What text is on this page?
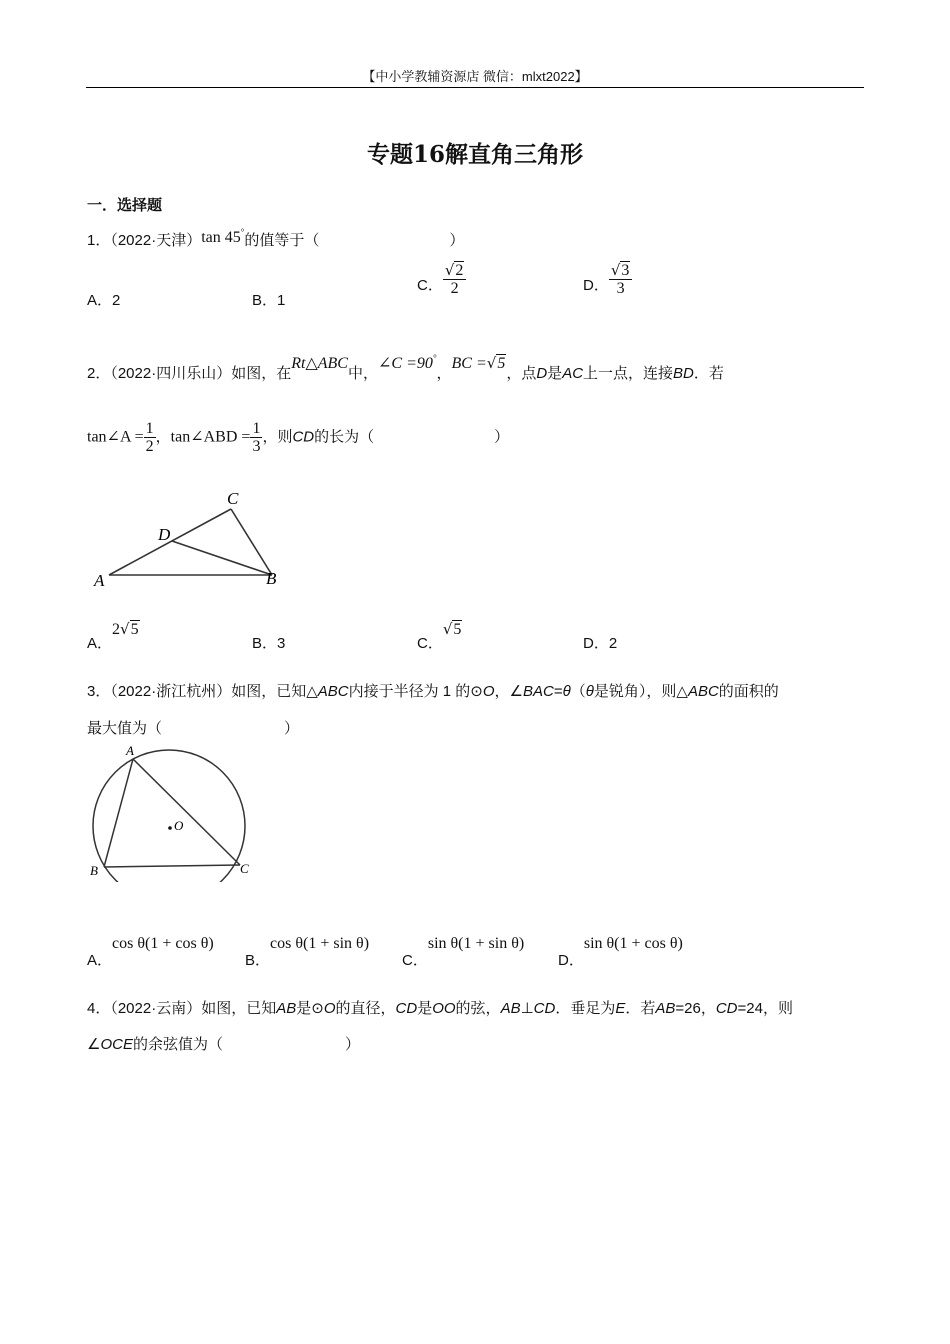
【中小学教辅资源店 微信：mlxt2022】
专题16解直角三角形
一．选择题
1．（2022·天津）tan 45°的值等于（	）
A．2	B．1
C． $\frac{√2}{2}$	D． $\frac{√3}{3}$
2．（2022·四川乐山）如图，在Rt△ABC中，∠C =90°，BC =√5，点D是AC上一点，连接BD．若
tan∠A = $\frac{1}{2}$ ，tan∠ABD = $\frac{1}{3}$ ，则CD的长为（	）
C
D
A	B
A．2√5
B．3	C．√5
D．2
3．（2022·浙江杭州）如图，已知△ABC内接于半径为 1 的⊙O，∠BAC=θ（θ是锐角），则△ABC的面积的
最大值为（	）
A
B	C
O
A．cos θ(1 + cos θ)
B．cos θ(1 + sin θ)
C．sin θ(1 + sin θ)
D．sin θ(1 + cos θ)
4．（2022·云南）如图，已知AB是⊙O的直径，CD是OO的弦，AB⊥CD．垂足为E．若AB=26，CD=24，则
∠OCE的余弦值为（	）
